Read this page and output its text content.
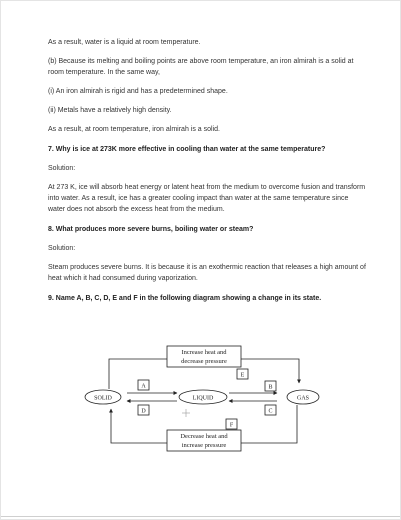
As a result, water is a liquid at room temperature.

(b) Because its melting and boiling points are above room temperature, an iron almirah is a solid at room temperature. In the same way,

(i) An iron almirah is rigid and has a predetermined shape.

(ii) Metals have a relatively high density.

As a result, at room temperature, iron almirah is a solid.

7. Why is ice at 273K more effective in cooling than water at the same temperature?

Solution:

At 273 K, ice will absorb heat energy or latent heat from the medium to overcome fusion and transform into water. As a result, ice has a greater cooling impact than water at the same temperature since water does not absorb the excess heat from the medium.

8. What produces more severe burns, boiling water or steam?

Solution:

Steam produces severe burns. It is because it is an exothermic reaction that releases a high amount of heat which it had consumed during vaporization.

9. Name A, B, C, D, E and F in the following diagram showing a change in its state.

Increase heat and
decrease pressure
Decrease heat and
increase pressure
SOLID	LIQUID	GAS
A
D
B
C
E
F
